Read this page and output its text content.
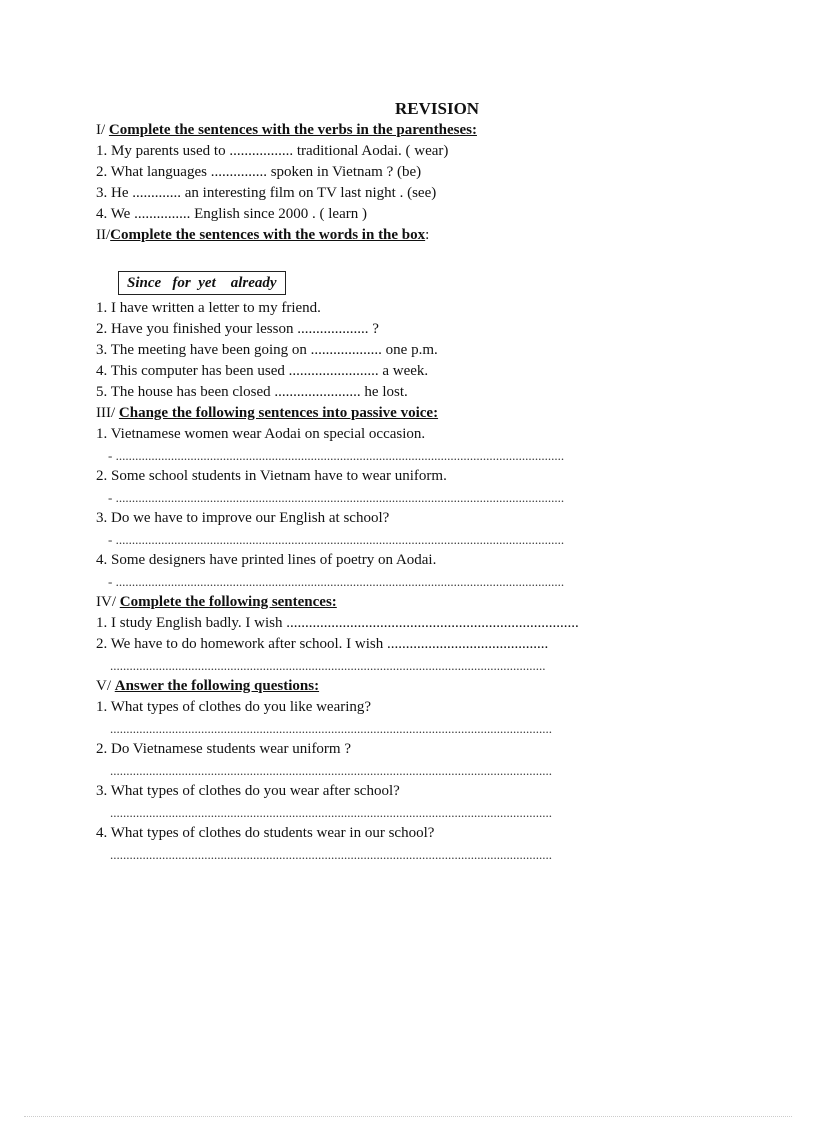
REVISION
I/ Complete the sentences with the verbs in the parentheses:
1. My parents used to ................. traditional Aodai. ( wear)
2. What languages ............... spoken in Vietnam ? (be)
3. He ............. an interesting film on TV last night . (see)
4. We ............... English since 2000 . ( learn )
II/Complete the sentences with the words in the box:
Since   for  yet    already
1. I have written a letter to my friend.
2. Have you finished your lesson ................... ?
3. The meeting have been going on ................... one p.m.
4. This computer has been used ........................ a week.
5. The house has been closed ....................... he lost.
III/ Change the following sentences into passive voice:
1. Vietnamese women wear Aodai on special occasion.
- ..........................................................................................................................................
2. Some school students in Vietnam have to wear uniform.
- ..........................................................................................................................................
3. Do we have to improve our English at school?
- ..........................................................................................................................................
4. Some designers have printed lines of poetry on Aodai.
- ..........................................................................................................................................
IV/ Complete the following sentences:
1. I study English badly. I wish ..............................................................................
2. We have to do homework after school. I wish ...........................................
......................................................................................................................................
V/ Answer the following questions:
1. What types of clothes do you like wearing?
........................................................................................................................................
2. Do Vietnamese students wear uniform ?
........................................................................................................................................
3. What types of clothes do you wear after school?
........................................................................................................................................
4. What types of clothes do students wear in our school?
........................................................................................................................................
